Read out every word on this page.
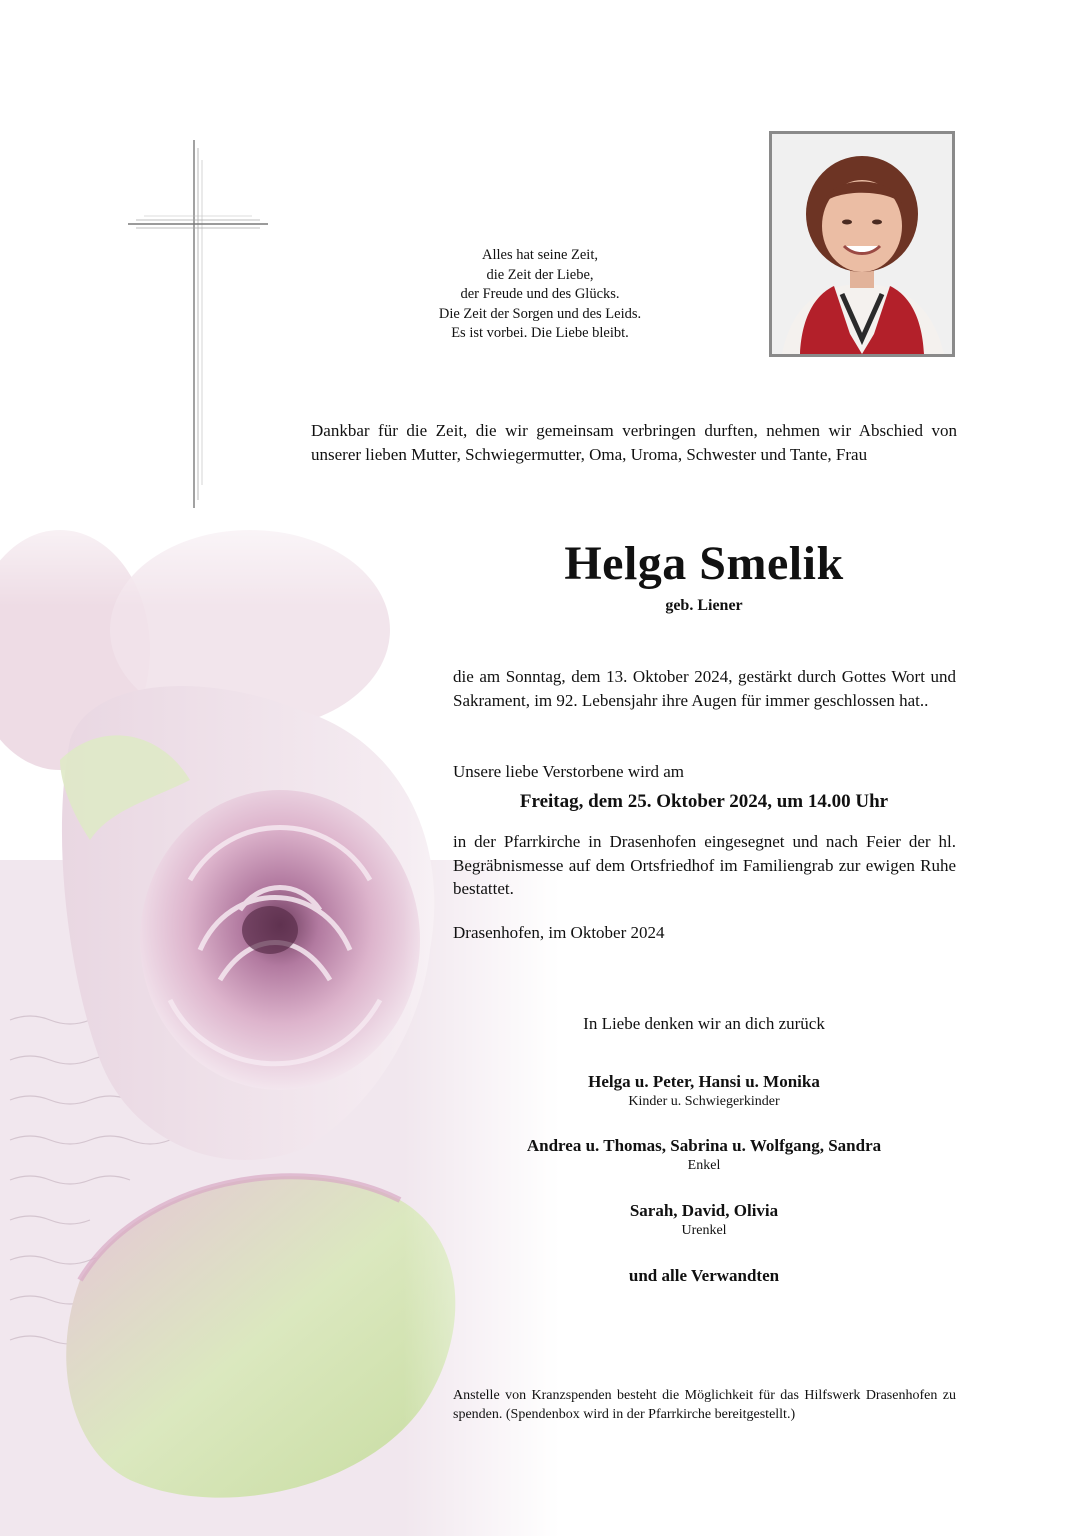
Alles hat seine Zeit,
die Zeit der Liebe,
der Freude und des Glücks.
Die Zeit der Sorgen und des Leids.
Es ist vorbei. Die Liebe bleibt.
Dankbar für die Zeit, die wir gemeinsam verbringen durften, nehmen wir Abschied von unserer lieben Mutter, Schwiegermutter, Oma, Uroma, Schwester und Tante, Frau
Helga Smelik
geb. Liener
die am Sonntag, dem 13. Oktober 2024, gestärkt durch Gottes Wort und Sakrament, im 92. Lebensjahr ihre Augen für immer geschlossen hat..
Unsere liebe Verstorbene wird am
Freitag, dem 25. Oktober 2024, um 14.00 Uhr
in der Pfarrkirche in Drasenhofen eingesegnet und nach Feier der hl. Begräbnismesse auf dem Ortsfriedhof im Familiengrab zur ewigen Ruhe bestattet.
Drasenhofen, im Oktober 2024
In Liebe denken wir an dich zurück
Helga u. Peter, Hansi u. Monika
Kinder u. Schwiegerkinder
Andrea u. Thomas, Sabrina u. Wolfgang, Sandra
Enkel
Sarah, David, Olivia
Urenkel
und alle Verwandten
Anstelle von Kranzspenden besteht die Möglichkeit für das Hilfswerk Drasenhofen zu spenden. (Spendenbox wird in der Pfarrkirche bereitgestellt.)
